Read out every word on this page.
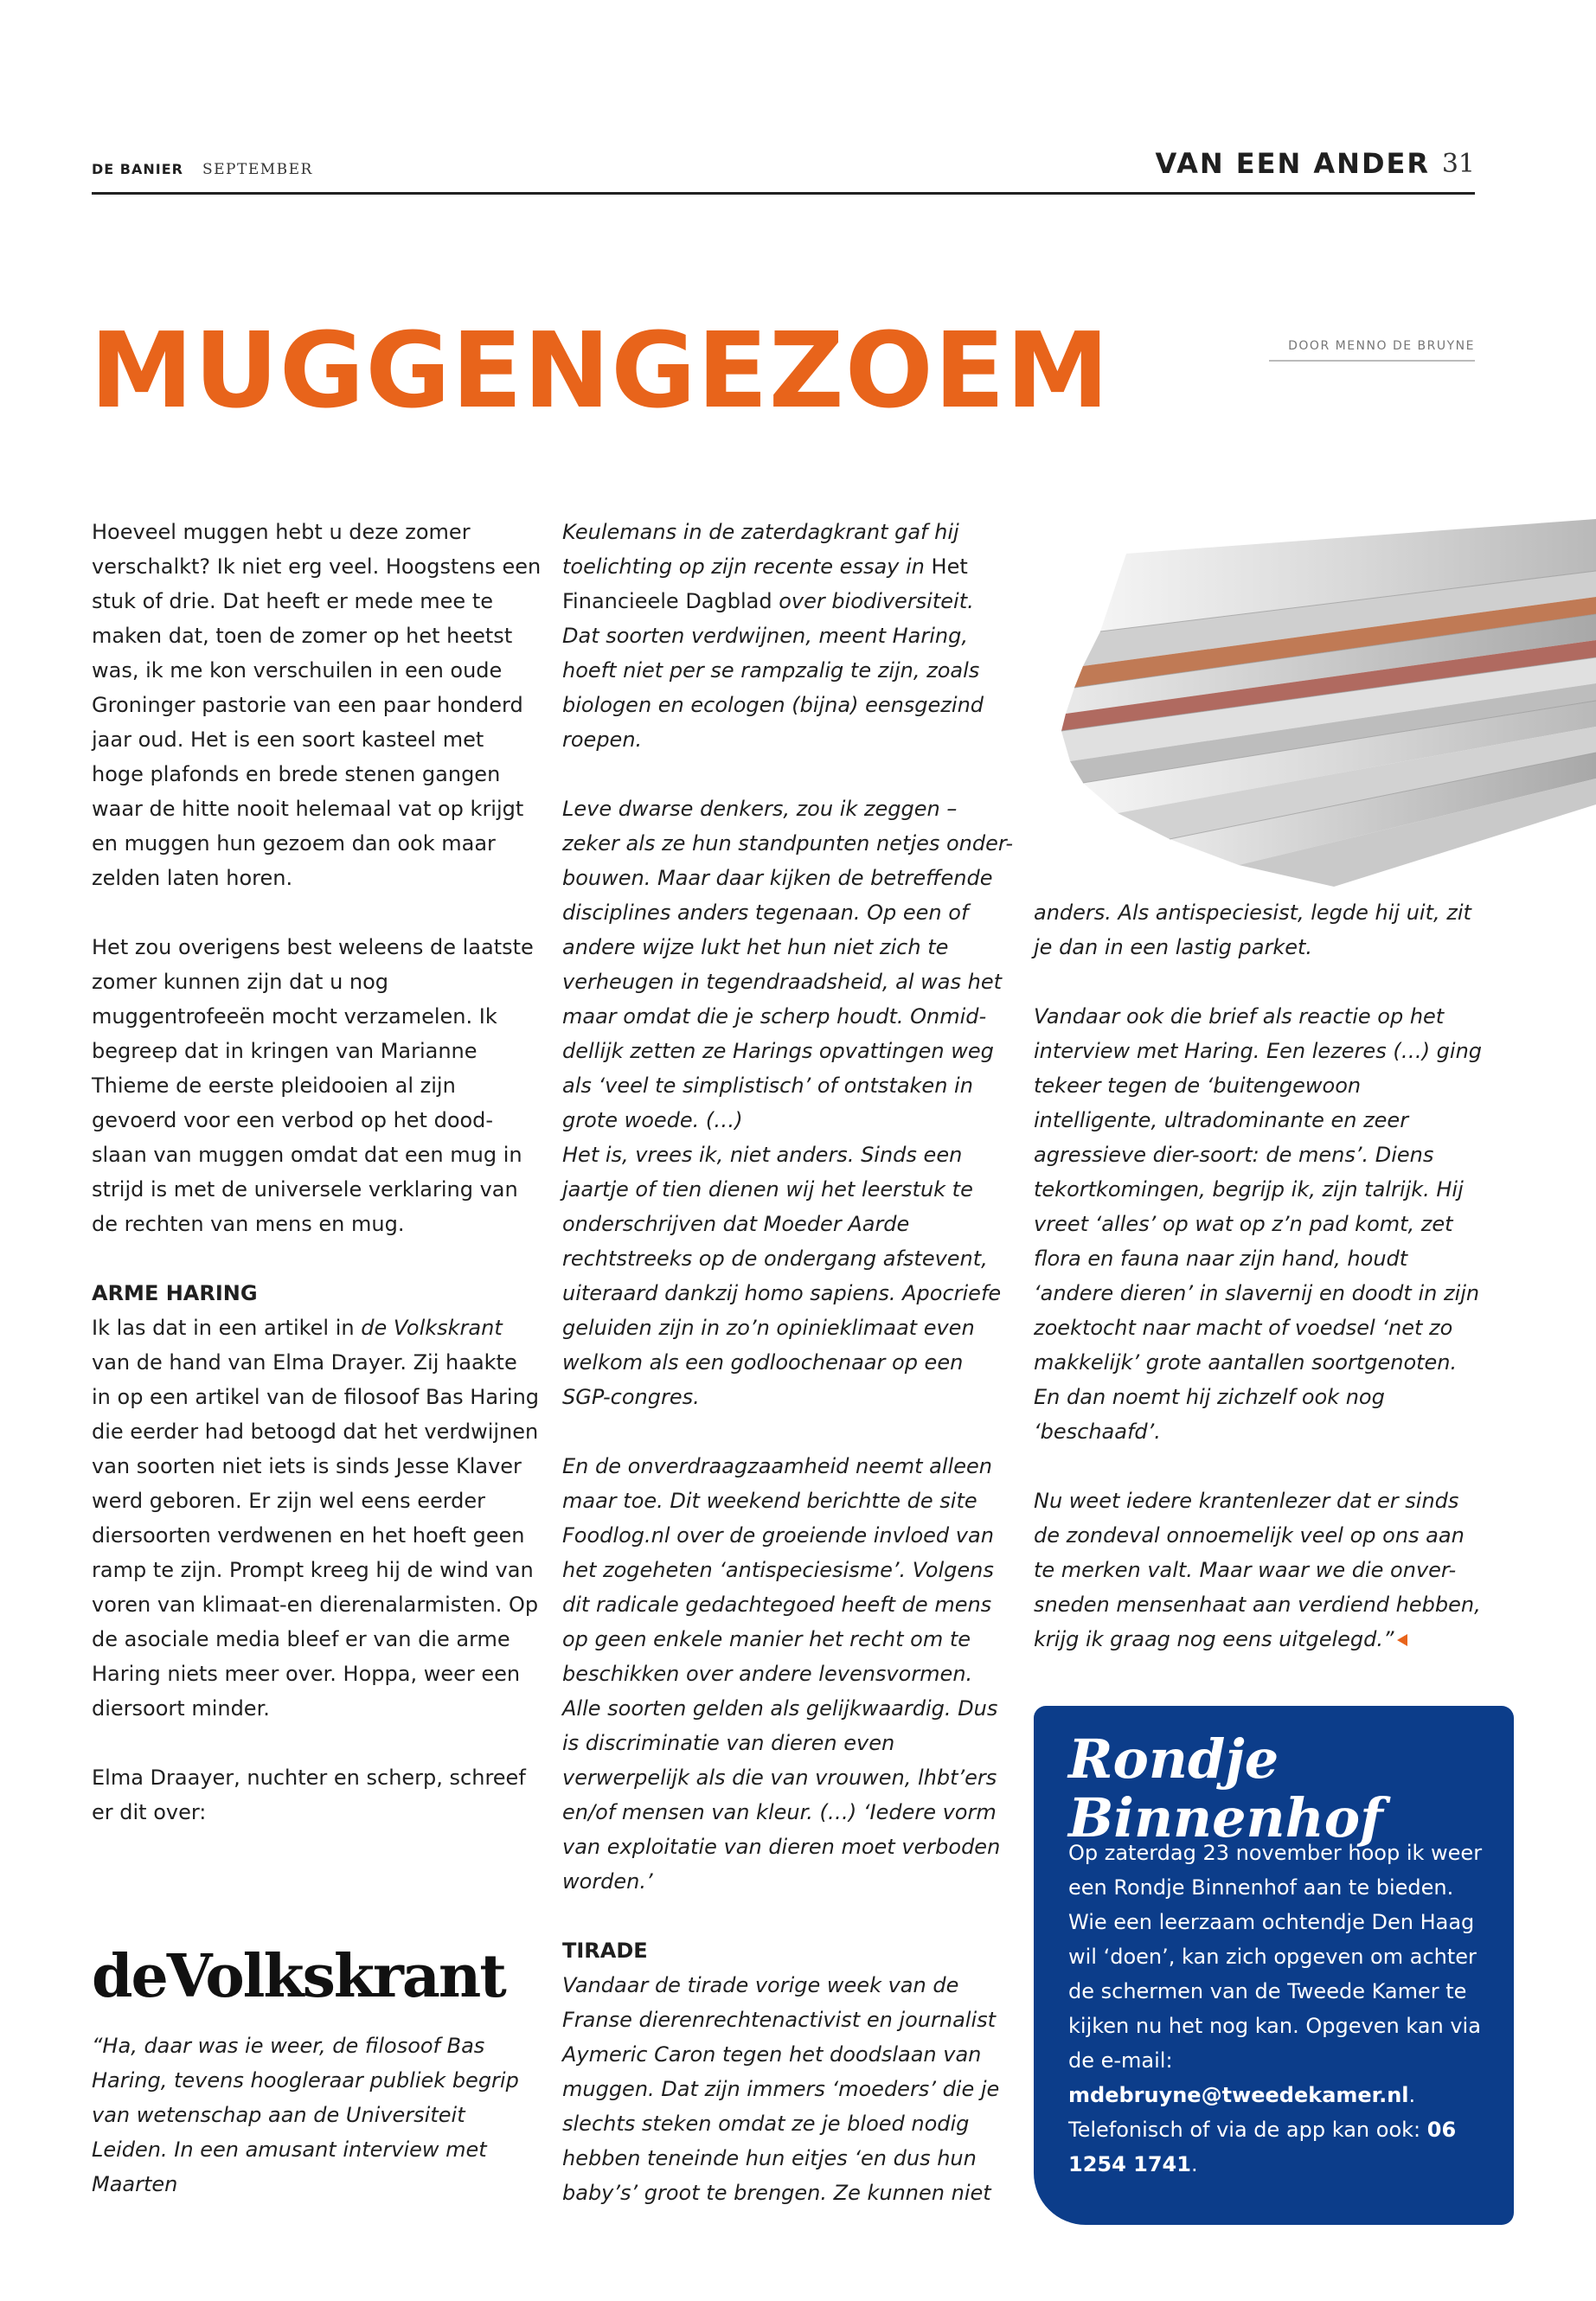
DE BANIER SEPTEMBER	VAN EEN ANDER 31
MUGGENGEZOEM	DOOR MENNO DE BRUYNE

Hoeveel muggen hebt u deze zomer verschalkt? Ik niet erg veel. Hoogstens een stuk of drie. Dat heeft er mede mee te maken dat, toen de zomer op het heetst was, ik me kon verschuilen in een oude Groninger pastorie van een paar honderd jaar oud. Het is een soort kasteel met hoge plafonds en brede stenen gangen waar de hitte nooit helemaal vat op krijgt en muggen hun gezoem dan ook maar zelden laten horen.

Het zou overigens best weleens de laatste zomer kunnen zijn dat u nog muggentrofeeën mocht verzamelen. Ik begreep dat in kringen van Marianne Thieme de eerste pleidooien al zijn gevoerd voor een verbod op het dood-slaan van muggen omdat dat een mug in strijd is met de universele verklaring van de rechten van mens en mug.

ARME HARING

Ik las dat in een artikel in de Volkskrant van de hand van Elma Drayer. Zij haakte in op een artikel van de filosoof Bas Haring die eerder had betoogd dat het verdwijnen van soorten niet iets is sinds Jesse Klaver werd geboren. Er zijn wel eens eerder diersoorten verdwenen en het hoeft geen ramp te zijn. Prompt kreeg hij de wind van voren van klimaat-en dierenalarmisten. Op de asociale media bleef er van die arme Haring niets meer over. Hoppa, weer een diersoort minder.

Elma Draayer, nuchter en scherp, schreef er dit over:

deVolkskrant

“Ha, daar was ie weer, de filosoof Bas Haring, tevens hoogleraar publiek begrip van wetenschap aan de Universiteit Leiden. In een amusant interview met Maarten

Keulemans in de zaterdagkrant gaf hij toelichting op zijn recente essay in Het Financieele Dagblad over biodiversiteit. Dat soorten verdwijnen, meent Haring, hoeft niet per se rampzalig te zijn, zoals biologen en ecologen (bijna) eensgezind roepen.

Leve dwarse denkers, zou ik zeggen – zeker als ze hun standpunten netjes onder-bouwen. Maar daar kijken de betreffende disciplines anders tegenaan. Op een of andere wijze lukt het hun niet zich te verheugen in tegendraadsheid, al was het maar omdat die je scherp houdt. Onmid-dellijk zetten ze Harings opvattingen weg als ‘veel te simplistisch’ of ontstaken in grote woede. (…)

Het is, vrees ik, niet anders. Sinds een jaartje of tien dienen wij het leerstuk te onderschrijven dat Moeder Aarde rechtstreeks op de ondergang afstevent, uiteraard dankzij homo sapiens. Apocriefe geluiden zijn in zo’n opinieklimaat even welkom als een godloochenaar op een SGP-congres.

En de onverdraagzaamheid neemt alleen maar toe. Dit weekend berichtte de site Foodlog.nl over de groeiende invloed van het zogeheten ‘antispeciesisme’. Volgens dit radicale gedachtegoed heeft de mens op geen enkele manier het recht om te beschikken over andere levensvormen. Alle soorten gelden als gelijkwaardig. Dus is discriminatie van dieren even verwerpelijk als die van vrouwen, lhbt’ers en/of mensen van kleur. (…) ‘Iedere vorm van exploitatie van dieren moet verboden worden.’

TIRADE

Vandaar de tirade vorige week van de Franse dierenrechtenactivist en journalist Aymeric Caron tegen het doodslaan van muggen. Dat zijn immers ‘moeders’ die je slechts steken omdat ze je bloed nodig hebben teneinde hun eitjes ‘en dus hun baby’s’ groot te brengen. Ze kunnen niet

anders. Als antispeciesist, legde hij uit, zit je dan in een lastig parket.

Vandaar ook die brief als reactie op het interview met Haring. Een lezeres (…) ging tekeer tegen de ‘buitengewoon intelligente, ultradominante en zeer agressieve dier-soort: de mens’. Diens tekortkomingen, begrijp ik, zijn talrijk. Hij vreet ‘alles’ op wat op z’n pad komt, zet flora en fauna naar zijn hand, houdt ‘andere dieren’ in slavernij en doodt in zijn zoektocht naar macht of voedsel ‘net zo makkelijk’ grote aantallen soortgenoten. En dan noemt hij zichzelf ook nog ‘beschaafd’.

Nu weet iedere krantenlezer dat er sinds de zondeval onnoemelijk veel op ons aan te merken valt. Maar waar we die onver-sneden mensenhaat aan verdiend hebben, krijg ik graag nog eens uitgelegd.”

Rondje Binnenhof
Op zaterdag 23 november hoop ik weer een Rondje Binnenhof aan te bieden. Wie een leerzaam ochtendje Den Haag wil ‘doen’, kan zich opgeven om achter de schermen van de Tweede Kamer te kijken nu het nog kan. Opgeven kan via de e-mail: mdebruyne@tweedekamer.nl. Telefonisch of via de app kan ook: 06 1254 1741.
